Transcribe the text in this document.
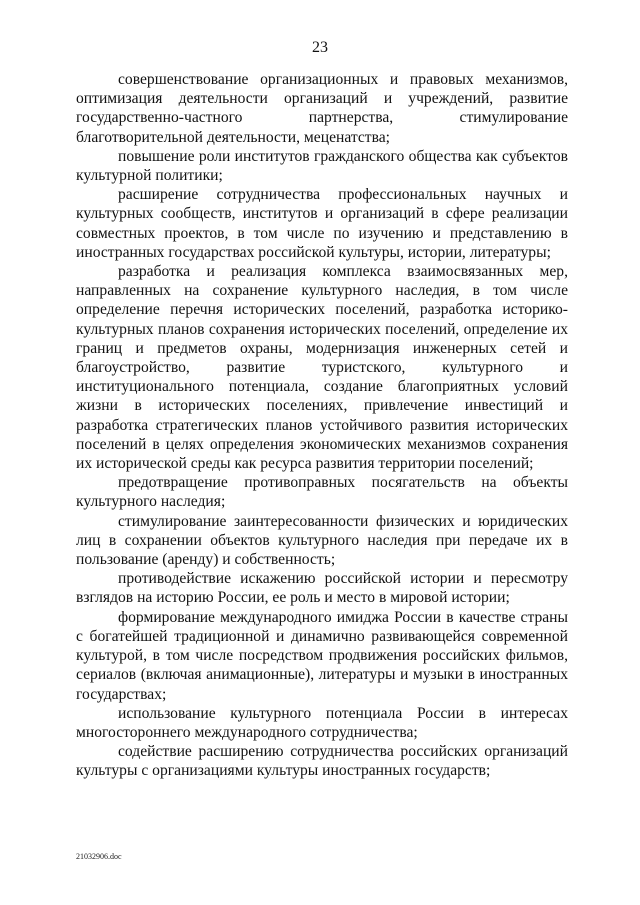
23

совершенствование организационных и правовых механизмов, оптимизация деятельности организаций и учреждений, развитие государственно-частного партнерства, стимулирование благотворительной деятельности, меценатства;

повышение роли институтов гражданского общества как субъектов культурной политики;

расширение сотрудничества профессиональных научных и культурных сообществ, институтов и организаций в сфере реализации совместных проектов, в том числе по изучению и представлению в иностранных государствах российской культуры, истории, литературы;

разработка и реализация комплекса взаимосвязанных мер, направленных на сохранение культурного наследия, в том числе определение перечня исторических поселений, разработка историко-культурных планов сохранения исторических поселений, определение их границ и предметов охраны, модернизация инженерных сетей и благоустройство, развитие туристского, культурного и институционального потенциала, создание благоприятных условий жизни в исторических поселениях, привлечение инвестиций и разработка стратегических планов устойчивого развития исторических поселений в целях определения экономических механизмов сохранения их исторической среды как ресурса развития территории поселений;

предотвращение противоправных посягательств на объекты культурного наследия;

стимулирование заинтересованности физических и юридических лиц в сохранении объектов культурного наследия при передаче их в пользование (аренду) и собственность;

противодействие искажению российской истории и пересмотру взглядов на историю России, ее роль и место в мировой истории;

формирование международного имиджа России в качестве страны с богатейшей традиционной и динамично развивающейся современной культурой, в том числе посредством продвижения российских фильмов, сериалов (включая анимационные), литературы и музыки в иностранных государствах;

использование культурного потенциала России в интересах многостороннего международного сотрудничества;

содействие расширению сотрудничества российских организаций культуры с организациями культуры иностранных государств;

21032906.doc
